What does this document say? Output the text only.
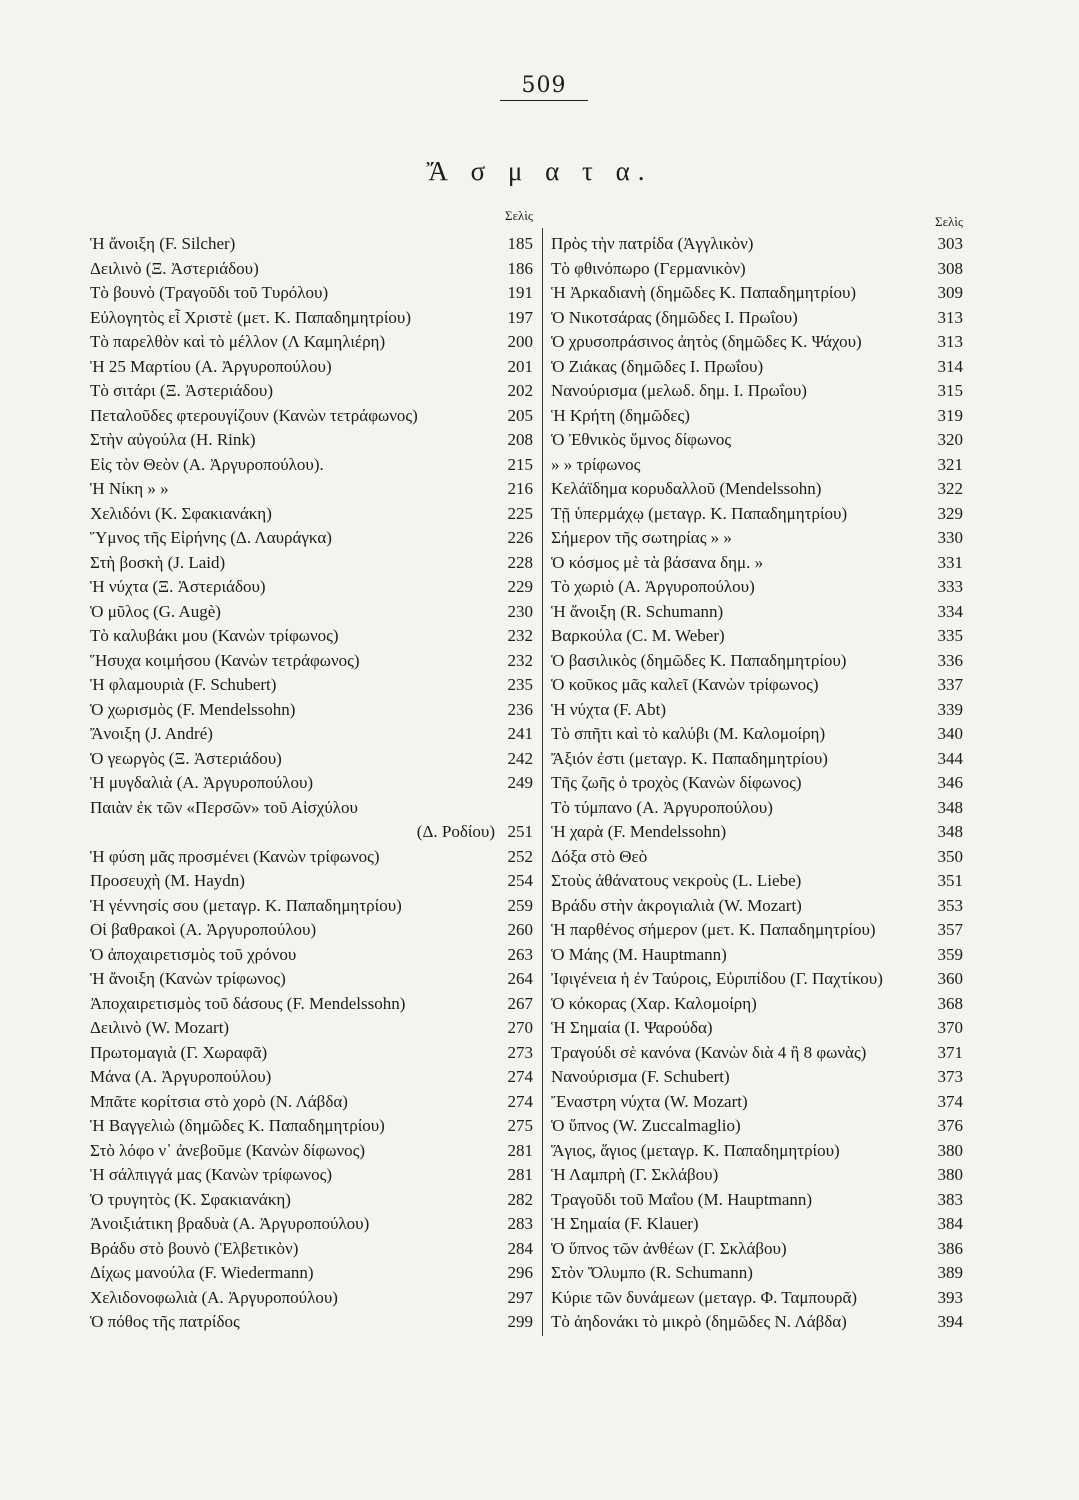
509
Ἄ σ μ α τ α.
Σελὶς
Ἡ ἄνοιξη (F. Silcher)	185
Δειλινὸ (Ξ. Ἀστεριάδου)	186
Τὸ βουνὸ (Τραγοῦδι τοῦ Τυρόλου)	191
Εὐλογητὸς εἶ Χριστὲ (μετ. Κ. Παπαδημητρίου)	197
Τὸ παρελθὸν καὶ τὸ μέλλον (Λ Καμηλιέρη)	200
Ἡ 25 Μαρτίου (Α. Ἀργυροπούλου)	201
Τὸ σιτάρι (Ξ. Ἀστεριάδου)	202
Πεταλοῦδες φτερουγίζουν (Κανὼν τετράφωνος)	205
Στὴν αὐγούλα (H. Rink)	208
Εἰς τὸν Θεὸν (Α. Ἀργυροπούλου).	215
Ἡ Νίκη » »	216
Χελιδόνι (Κ. Σφακιανάκη)	225
Ὕμνος τῆς Εἰρήνης (Δ. Λαυράγκα)	226
Στὴ βοσκὴ (J. Laid)	228
Ἡ νύχτα (Ξ. Ἀστεριάδου)	229
Ὁ μῦλος (G. Augè)	230
Τὸ καλυβάκι μου (Κανὼν τρίφωνος)	232
Ἥσυχα κοιμήσου (Κανὼν τετράφωνος)	232
Ἡ φλαμουριὰ (F. Schubert)	235
Ὁ χωρισμὸς (F. Mendelssohn)	236
Ἄνοιξη (J. André)	241
Ὁ γεωργὸς (Ξ. Ἀστεριάδου)	242
Ἡ μυγδαλιὰ (Α. Ἀργυροπούλου)	249
Παιὰν ἐκ τῶν «Περσῶν» τοῦ Αἰσχύλου
(Δ. Ροδίου) 251
Ἡ φύση μᾶς προσμένει (Κανὼν τρίφωνος)	252
Προσευχὴ (M. Haydn)	254
Ἡ γέννησίς σου (μεταγρ. Κ. Παπαδημητρίου)	259
Οἱ βαθρακοὶ (Α. Ἀργυροπούλου)	260
Ὁ ἀποχαιρετισμὸς τοῦ χρόνου	263
Ἡ ἄνοιξη (Κανὼν τρίφωνος)	264
Ἀποχαιρετισμὸς τοῦ δάσους (F. Mendelssohn)	267
Δειλινὸ (W. Mozart)	270
Πρωτομαγιὰ (Γ. Χωραφᾶ)	273
Μάνα (Α. Ἀργυροπούλου)	274
Μπᾶτε κορίτσια στὸ χορὸ (Ν. Λάβδα)	274
Ἡ Βαγγελιὼ (δημῶδες Κ. Παπαδημητρίου)	275
Στὸ λόφο ν᾿ ἀνεβοῦμε (Κανὼν δίφωνος)	281
Ἡ σάλπιγγά μας (Κανὼν τρίφωνος)	281
Ὁ τρυγητὸς (Κ. Σφακιανάκη)	282
Ἀνοιξιάτικη βραδυὰ (Α. Ἀργυροπούλου)	283
Βράδυ στὸ βουνὸ (Ἑλβετικὸν)	284
Δίχως μανούλα (F. Wiedermann)	296
Χελιδονοφωλιὰ (Α. Ἀργυροπούλου)	297
Ὁ πόθος τῆς πατρίδος	299
Σελὶς
Πρὸς τὴν πατρίδα (Ἀγγλικὸν)	303
Τὸ φθινόπωρο (Γερμανικὸν)	308
Ἡ Ἀρκαδιανὴ (δημῶδες Κ. Παπαδημητρίου)	309
Ὁ Νικοτσάρας (δημῶδες Ι. Πρωΐου)	313
Ὁ χρυσοπράσινος ἀητὸς (δημῶδες Κ. Ψάχου)	313
Ὁ Ζιάκας (δημῶδες Ι. Πρωΐου)	314
Νανούρισμα (μελωδ. δημ. Ι. Πρωΐου)	315
Ἡ Κρήτη (δημῶδες)	319
Ὁ Ἐθνικὸς ὕμνος δίφωνος	320
» » τρίφωνος	321
Κελάϊδημα κορυδαλλοῦ (Mendelssohn)	322
Τῇ ὑπερμάχῳ (μεταγρ. Κ. Παπαδημητρίου)	329
Σήμερον τῆς σωτηρίας » »	330
Ὁ κόσμος μὲ τὰ βάσανα δημ. »	331
Τὸ χωριὸ (Α. Ἀργυροπούλου)	333
Ἡ ἄνοιξη (R. Schumann)	334
Βαρκούλα (C. M. Weber)	335
Ὁ βασιλικὸς (δημῶδες Κ. Παπαδημητρίου)	336
Ὁ κοῦκος μᾶς καλεῖ (Κανὼν τρίφωνος)	337
Ἡ νύχτα (F. Abt)	339
Τὸ σπῆτι καὶ τὸ καλύβι (Μ. Καλομοίρη)	340
Ἄξιόν ἐστι (μεταγρ. Κ. Παπαδημητρίου)	344
Τῆς ζωῆς ὁ τροχὸς (Κανὼν δίφωνος)	346
Τὸ τύμπανο (Α. Ἀργυροπούλου)	348
Ἡ χαρὰ (F. Mendelssohn)	348
Δόξα στὸ Θεὸ	350
Στοὺς ἀθάνατους νεκροὺς (L. Liebe)	351
Βράδυ στὴν ἀκρογιαλιὰ (W. Mozart)	353
Ἡ παρθένος σήμερον (μετ. Κ. Παπαδημητρίου)	357
Ὁ Μάης (M. Hauptmann)	359
Ἰφιγένεια ἡ ἐν Ταύροις, Εὐριπίδου (Γ. Παχτίκου)	360
Ὁ κόκορας (Χαρ. Καλομοίρη)	368
Ἡ Σημαία (Ι. Ψαρούδα)	370
Τραγούδι σὲ κανόνα (Κανὼν διὰ 4 ἢ 8 φωνὰς)	371
Νανούρισμα (F. Schubert)	373
Ἔναστρη νύχτα (W. Mozart)	374
Ὁ ὕπνος (W. Zuccalmaglio)	376
Ἅγιος, ἅγιος (μεταγρ. Κ. Παπαδημητρίου)	380
Ἡ Λαμπρὴ (Γ. Σκλάβου)	380
Τραγοῦδι τοῦ Μαΐου (M. Hauptmann)	383
Ἡ Σημαία (F. Klauer)	384
Ὁ ὕπνος τῶν ἀνθέων (Γ. Σκλάβου)	386
Στὸν Ὄλυμπο (R. Schumann)	389
Κύριε τῶν δυνάμεων (μεταγρ. Φ. Ταμπουρᾶ)	393
Τὸ ἀηδονάκι τὸ μικρὸ (δημῶδες Ν. Λάβδα)	394
